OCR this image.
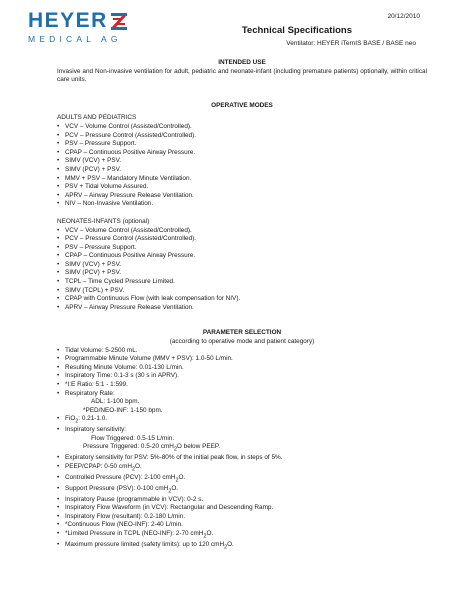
HEYER
MEDICAL AG
20/12/2010
Technical Specifications
Ventilator: HEYER iTernIS BASE / BASE neo
INTENDED USE

Invasive and Non-invasive ventilation for adult, pediatric and neonate-infant (including premature patients) optionally, within critical care units.

OPERATIVE MODES
ADULTS AND PEDIATRICS
• VCV – Volume Control (Assisted/Controlled).
• PCV – Pressure Control (Assisted/Controlled).
• PSV – Pressure Support.
• CPAP – Continuous Positive Airway Pressure.
• SIMV (VCV) + PSV.
• SIMV (PCV) + PSV.
• MMV + PSV – Mandatory Minute Ventilation.
• PSV + Tidal Volume Assured.
• APRV – Airway Pressure Release Ventilation.
• NIV – Non-Invasive Ventilation.
NEONATES-INFANTS (optional)
• VCV – Volume Control (Assisted/Controlled).
• PCV – Pressure Control (Assisted/Controlled).
• PSV – Pressure Support.
• CPAP – Continuous Positive Airway Pressure.
• SIMV (VCV) + PSV.
• SIMV (PCV) + PSV.
• TCPL – Time Cycled Pressure Limited.
• SIMV (TCPL) + PSV.
• CPAP with Continuous Flow (with leak compensation for NIV).
• APRV – Airway Pressure Release Ventilation.
PARAMETER SELECTION
(according to operative mode and patient category)
• Tidal Volume: 5-2500 mL.
• Programmable Minute Volume (MMV + PSV): 1.0-50 L/min.
• Resulting Minute Volume: 0.01-130 L/min.
• Inspiratory Time: 0.1-3 s (30 s in APRV).
• *I:E Ratio: 5:1 - 1:599.
• Respiratory Rate:
ADL: 1-100 bpm.
*PED/NEO-INF: 1-150 bpm.
• FiO$_2$: 0.21-1.0.
• Inspiratory sensitivity:
Flow Triggered: 0.5-15 L/min.
Pressure Triggered: 0.5-20 cmH$_2$O below PEEP.
• Expiratory sensitivity for PSV: 5%-80% of the initial peak flow, in steps of 5%.
• PEEP/CPAP: 0-50 cmH$_2$O.
• Controlled Pressure (PCV): 2-100 cmH$_2$O.
• Support Pressure (PSV): 0-100 cmH$_2$O.
• Inspiratory Pause (programmable in VCV): 0-2 s.
• Inspiratory Flow Waveform (in VCV): Rectangular and Descending Ramp.
• Inspiratory Flow (resultant): 0.2-180 L/min.
• *Continuous Flow (NEO-INF): 2-40 L/min.
• *Limited Pressure in TCPL (NEO-INF): 2-70 cmH$_2$O.
• Maximum pressure limited (safety limits): up to 120 cmH$_2$O.
